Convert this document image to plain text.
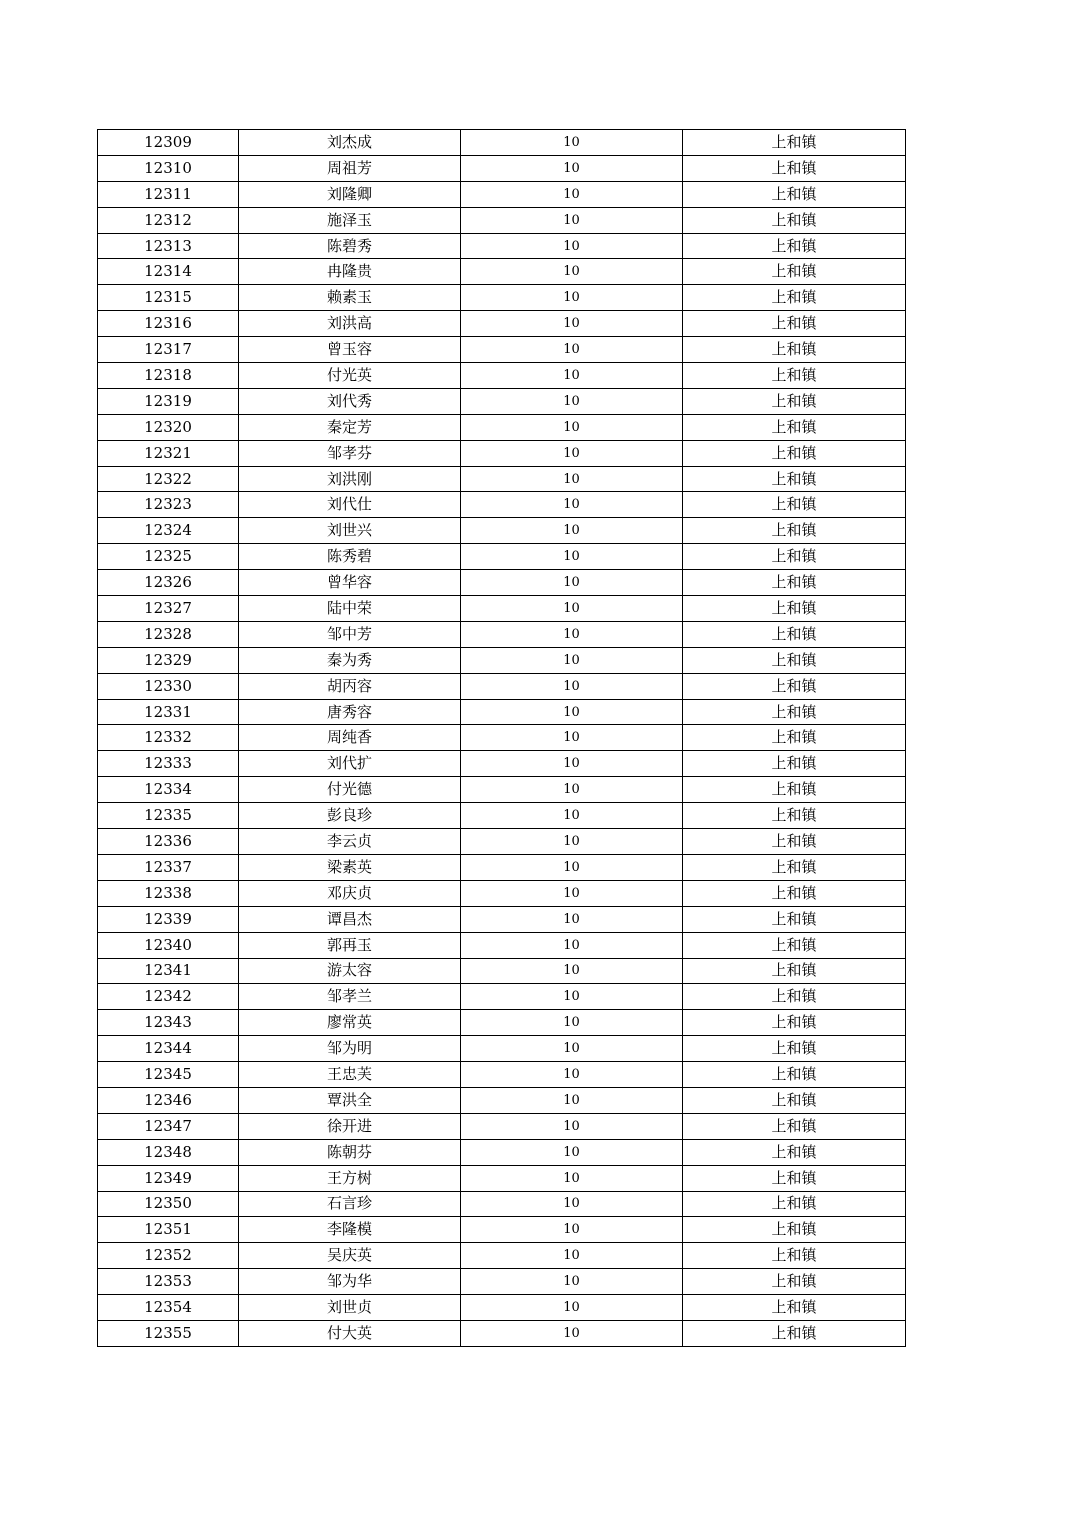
12309	刘杰成	10	上和镇
12310	周祖芳	10	上和镇
12311	刘隆卿	10	上和镇
12312	施泽玉	10	上和镇
12313	陈碧秀	10	上和镇
12314	冉隆贵	10	上和镇
12315	赖素玉	10	上和镇
12316	刘洪高	10	上和镇
12317	曾玉容	10	上和镇
12318	付光英	10	上和镇
12319	刘代秀	10	上和镇
12320	秦定芳	10	上和镇
12321	邹孝芬	10	上和镇
12322	刘洪刚	10	上和镇
12323	刘代仕	10	上和镇
12324	刘世兴	10	上和镇
12325	陈秀碧	10	上和镇
12326	曾华容	10	上和镇
12327	陆中荣	10	上和镇
12328	邹中芳	10	上和镇
12329	秦为秀	10	上和镇
12330	胡丙容	10	上和镇
12331	唐秀容	10	上和镇
12332	周纯香	10	上和镇
12333	刘代扩	10	上和镇
12334	付光德	10	上和镇
12335	彭良珍	10	上和镇
12336	李云贞	10	上和镇
12337	梁素英	10	上和镇
12338	邓庆贞	10	上和镇
12339	谭昌杰	10	上和镇
12340	郭再玉	10	上和镇
12341	游太容	10	上和镇
12342	邹孝兰	10	上和镇
12343	廖常英	10	上和镇
12344	邹为明	10	上和镇
12345	王忠芙	10	上和镇
12346	覃洪全	10	上和镇
12347	徐开进	10	上和镇
12348	陈朝芬	10	上和镇
12349	王方树	10	上和镇
12350	石言珍	10	上和镇
12351	李隆模	10	上和镇
12352	吴庆英	10	上和镇
12353	邹为华	10	上和镇
12354	刘世贞	10	上和镇
12355	付大英	10	上和镇
